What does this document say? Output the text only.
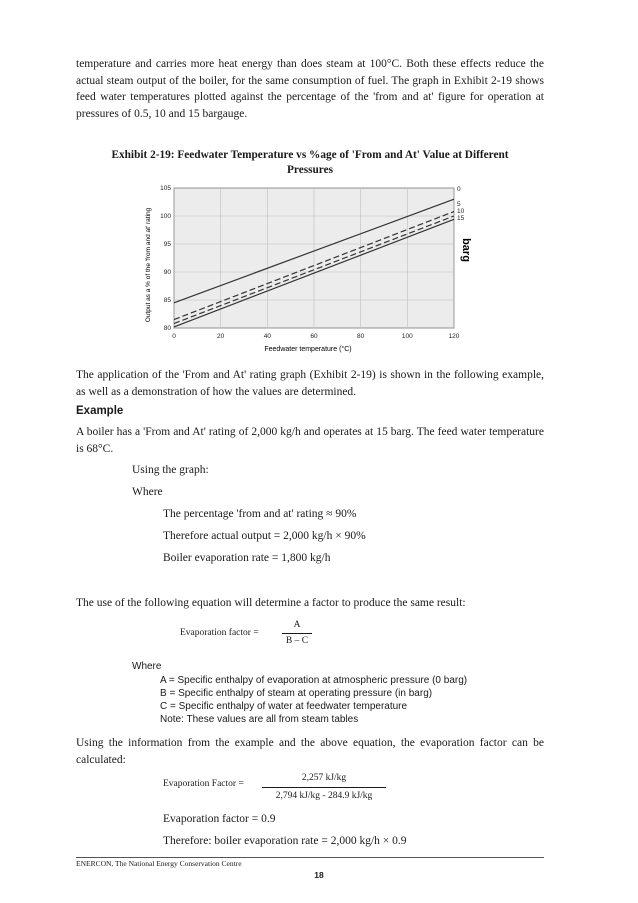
temperature and carries more heat energy than does steam at 100°C. Both these effects reduce the actual steam output of the boiler, for the same consumption of fuel. The graph in Exhibit 2-19 shows feed water temperatures plotted against the percentage of the 'from and at' figure for operation at pressures of 0.5, 10 and 15 bargauge.
Exhibit 2-19: Feedwater Temperature vs %age of 'From and At' Value at Different
Pressures
0
5
10
15
0	20	40	60	80	100	120
80
85
90
95
100
105
Feedwater temperature (°C)
Output as a % of the 'from and at' rating	barg
The application of the 'From and At' rating graph (Exhibit 2-19) is shown in the following example, as well as a demonstration of how the values are determined.
Example
A boiler has a 'From and At' rating of 2,000 kg/h and operates at 15 barg. The feed water temperature is 68°C.
Using the graph:
Where
The percentage 'from and at' rating ≈ 90%
Therefore actual output = 2,000 kg/h × 90%
Boiler evaporation rate = 1,800 kg/h
The use of the following equation will determine a factor to produce the same result:
Evaporation factor =
A
B – C
Where
A = Specific enthalpy of evaporation at atmospheric pressure (0 barg)
B = Specific enthalpy of steam at operating pressure (in barg)
C = Specific enthalpy of water at feedwater temperature
Note: These values are all from steam tables
Using the information from the example and the above equation, the evaporation factor can be calculated:
Evaporation Factor =
2,257 kJ/kg
2,794 kJ/kg - 284.9 kJ/kg
Evaporation factor = 0.9
Therefore: boiler evaporation rate = 2,000 kg/h × 0.9
ENERCON, The National Energy Conservation Centre
18
